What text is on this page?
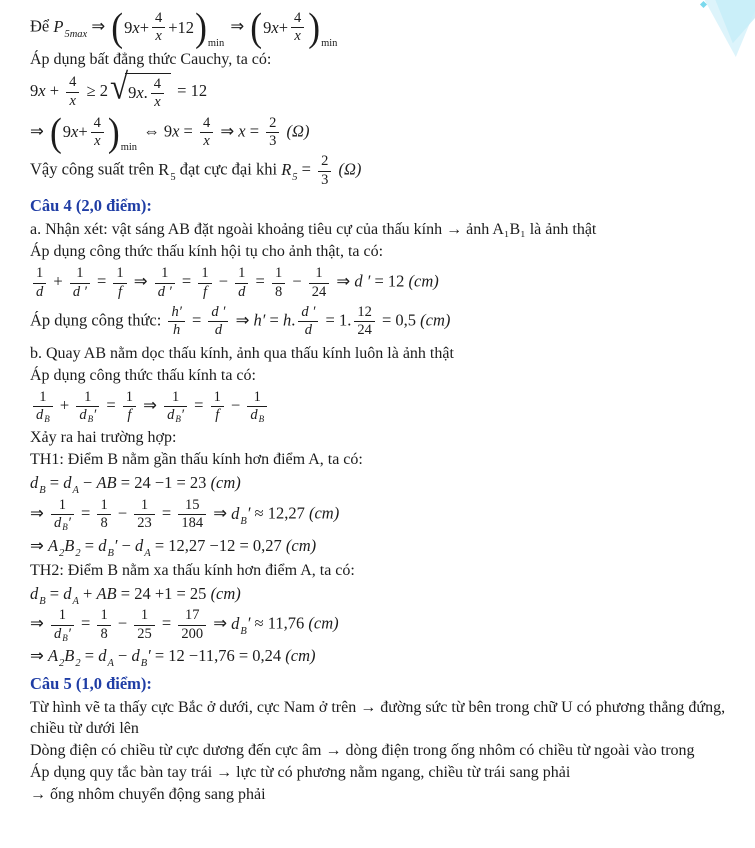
Để $P_{5max}$ ⇒ ( 9 $x + \frac{4}{x} +12$ ) min
⇒ ( 9 $x + \frac{4}{x}$ ) min
Áp dụng bất đẳng thức Cauchy, ta có:
$9x + \frac{4}{x} \ge 2$ √ 9 x . $\frac{4}{x} = 12$
⇒ ( 9 $x + \frac{4}{x}$ ) min
⇔ $9x = \frac{4}{x}$ ⇒ $x = \frac{2}{3} (\Omega)$
Vậy công suất trên $R_5$ đạt cực đại khi $R_5 = \frac{2}{3} (\Omega)$
Câu 4 (2,0 điểm):
a. Nhận xét: vật sáng AB đặt ngoài khoảng tiêu cự của thấu kính → ảnh A₁B₁ là ảnh thật
Áp dụng công thức thấu kính hội tụ cho ảnh thật, ta có:
$\frac{1}{d} + \frac{1}{d '} = \frac{1}{f}$ ⇒ $\frac{1}{d '} = \frac{1}{f} - \frac{1}{d} = \frac{1}{8} - \frac{1}{24}$ ⇒ d ′ = 12 (cm)
Áp dụng công thức: $\frac{h'}{h} = \frac{d '}{d}$ ⇒ h′ = h. $\frac{d '}{d} = 1$. $\frac{12}{24} = 0,5$ (cm)
b. Quay AB nằm dọc thấu kính, ảnh qua thấu kính luôn là ảnh thật
Áp dụng công thức thấu kính ta có:
$\frac{1}{d_B} + \frac{1}{d_B'} = \frac{1}{f}$ ⇒ $\frac{1}{d_B'} = \frac{1}{f} - \frac{1}{d_B}$
Xảy ra hai trường hợp:
TH1: Điểm B nằm gần thấu kính hơn điểm A, ta có:
$d_B = d_A$ − AB = 24 −1 = 23 (cm)
⇒ $\frac{1}{d_B'} = \frac{1}{8} - \frac{1}{23} = \frac{15}{184}$ ⇒ $d_B' \approx 12,27$ (cm)
⇒ $A_2B_2 = d_B' - d_A = 12,27 -12 = 0,27$ (cm)
TH2: Điểm B nằm xa thấu kính hơn điểm A, ta có:
$d_B = d_A$ + AB = 24 +1 = 25 (cm)
⇒ $\frac{1}{d_B'} = \frac{1}{8} - \frac{1}{25} = \frac{17}{200}$ ⇒ $d_B' \approx 11,76$ (cm)
⇒ $A_2B_2 = d_A - d_B' = 12 -11,76 = 0,24$ (cm)
Câu 5 (1,0 điểm):
Từ hình vẽ ta thấy cực Bắc ở dưới, cực Nam ở trên → đường sức từ bên trong chữ U có phương thẳng đứng, chiều từ dưới lên
Dòng điện có chiều từ cực dương đến cực âm → dòng điện trong ống nhôm có chiều từ ngoài vào trong
Áp dụng quy tắc bàn tay trái → lực từ có phương nằm ngang, chiều từ trái sang phải
→ ống nhôm chuyển động sang phải
